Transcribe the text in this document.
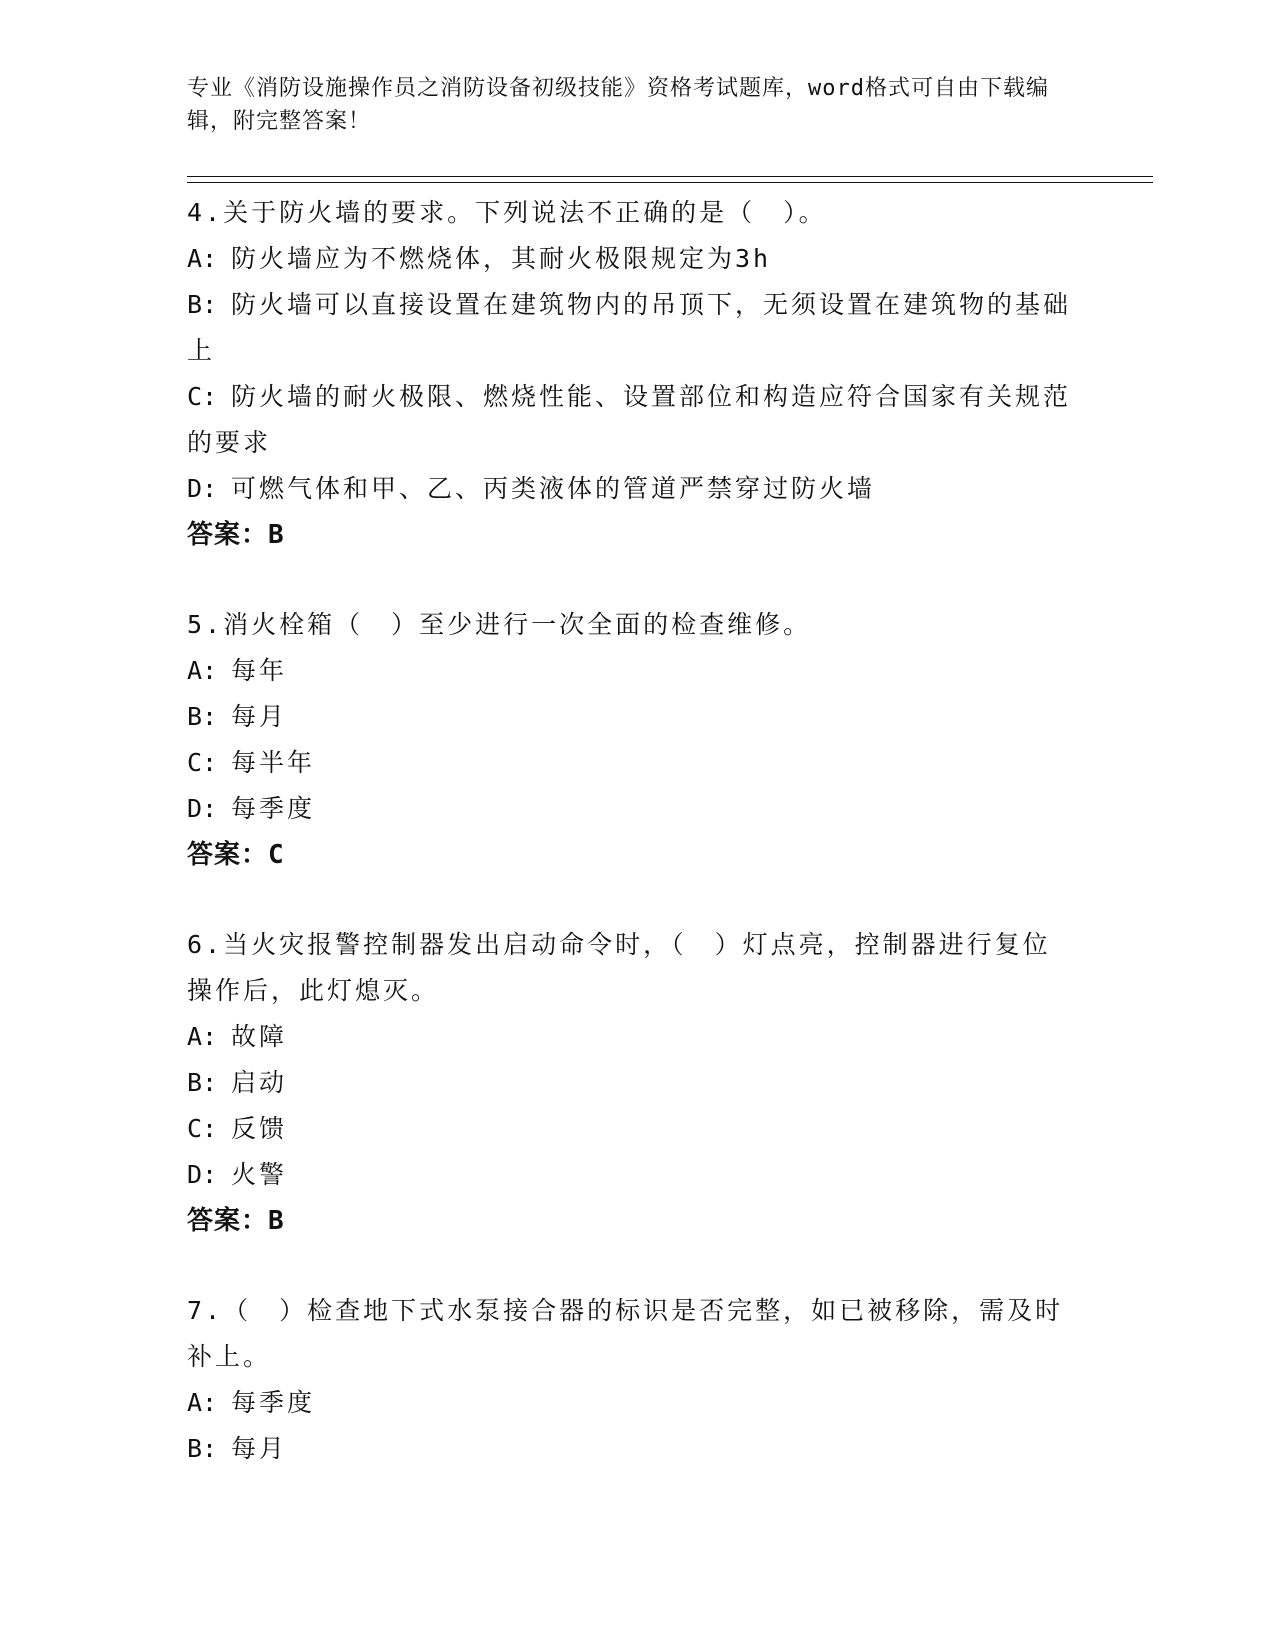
专业《消防设施操作员之消防设备初级技能》资格考试题库，word格式可自由下载编辑，附完整答案！
4.关于防火墙的要求。下列说法不正确的是（　）。
A: 防火墙应为不燃烧体，其耐火极限规定为3h
B: 防火墙可以直接设置在建筑物内的吊顶下，无须设置在建筑物的基础上
C: 防火墙的耐火极限、燃烧性能、设置部位和构造应符合国家有关规范的要求
D: 可燃气体和甲、乙、丙类液体的管道严禁穿过防火墙
答案：B
5.消火栓箱（　）至少进行一次全面的检查维修。
A: 每年
B: 每月
C: 每半年
D: 每季度
答案：C
6.当火灾报警控制器发出启动命令时，（　）灯点亮，控制器进行复位操作后，此灯熄灭。
A: 故障
B: 启动
C: 反馈
D: 火警
答案：B
7.（　）检查地下式水泵接合器的标识是否完整，如已被移除，需及时补上。
A: 每季度
B: 每月
